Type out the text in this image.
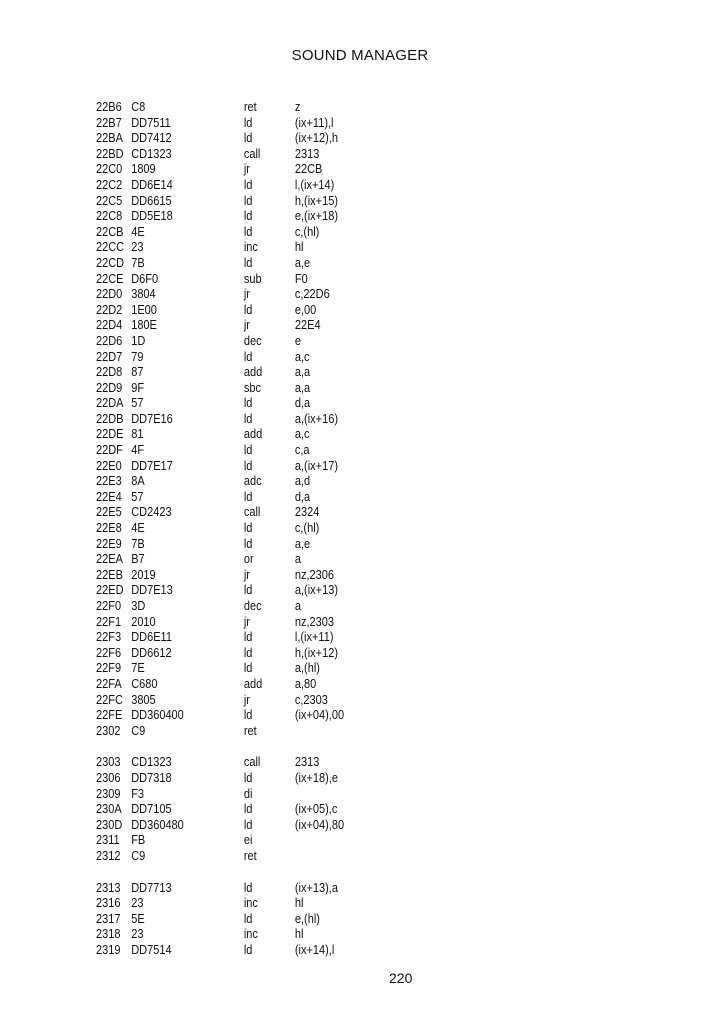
SOUND MANAGER
22B6 C8	ret	z
22B7 DD7511	ld	(ix+11),l
22BA DD7412	ld	(ix+12),h
22BD CD1323	call	2313
22C0 1809	jr	22CB
22C2 DD6E14	ld	l,(ix+14)
22C5 DD6615	ld	h,(ix+15)
22C8 DD5E18	ld	e,(ix+18)
22CB 4E	ld	c,(hl)
22CC 23	inc	hl
22CD 7B	ld	a,e
22CE D6F0	sub	F0
22D0 3804	jr	c,22D6
22D2 1E00	ld	e,00
22D4 180E	jr	22E4
22D6 1D	dec	e
22D7 79	ld	a,c
22D8 87	add	a,a
22D9 9F	sbc	a,a
22DA 57	ld	d,a
22DB DD7E16	ld	a,(ix+16)
22DE 81	add	a,c
22DF 4F	ld	c,a
22E0 DD7E17	ld	a,(ix+17)
22E3 8A	adc	a,d
22E4 57	ld	d,a
22E5 CD2423	call	2324
22E8 4E	ld	c,(hl)
22E9 7B	ld	a,e
22EA B7	or	a
22EB 2019	jr	nz,2306
22ED DD7E13	ld	a,(ix+13)
22F0 3D	dec	a
22F1 2010	jr	nz,2303
22F3 DD6E11	ld	l,(ix+11)
22F6 DD6612	ld	h,(ix+12)
22F9 7E	ld	a,(hl)
22FA C680	add	a,80
22FC 3805	jr	c,2303
22FE DD360400	ld	(ix+04),00
2302 C9	ret
2303 CD1323	call	2313
2306 DD7318	ld	(ix+18),e
2309 F3	di
230A DD7105	ld	(ix+05),c
230D DD360480	ld	(ix+04),80
2311 FB	ei
2312 C9	ret
2313 DD7713	ld	(ix+13),a
2316 23	inc	hl
2317 5E	ld	e,(hl)
2318 23	inc	hl
2319 DD7514	ld	(ix+14),l
220
